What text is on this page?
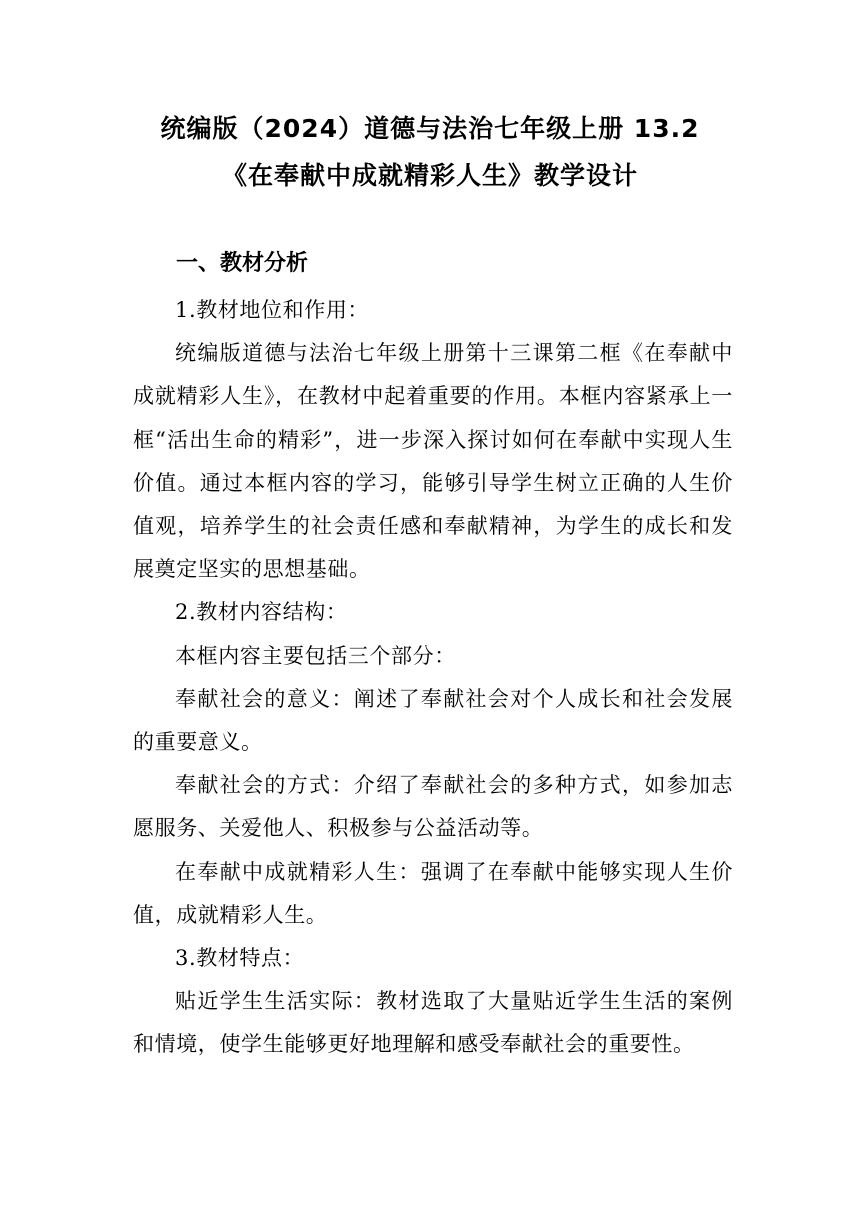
统编版（2024）道德与法治七年级上册 13.2
《在奉献中成就精彩人生》教学设计
一、教材分析

1.教材地位和作用：

统编版道德与法治七年级上册第十三课第二框《在奉献中成就精彩人生》，在教材中起着重要的作用。本框内容紧承上一框“活出生命的精彩”，进一步深入探讨如何在奉献中实现人生价值。通过本框内容的学习，能够引导学生树立正确的人生价值观，培养学生的社会责任感和奉献精神，为学生的成长和发展奠定坚实的思想基础。

2.教材内容结构：

本框内容主要包括三个部分：

奉献社会的意义：阐述了奉献社会对个人成长和社会发展的重要意义。

奉献社会的方式：介绍了奉献社会的多种方式，如参加志愿服务、关爱他人、积极参与公益活动等。

在奉献中成就精彩人生：强调了在奉献中能够实现人生价值，成就精彩人生。

3.教材特点：

贴近学生生活实际：教材选取了大量贴近学生生活的案例和情境，使学生能够更好地理解和感受奉献社会的重要性。
